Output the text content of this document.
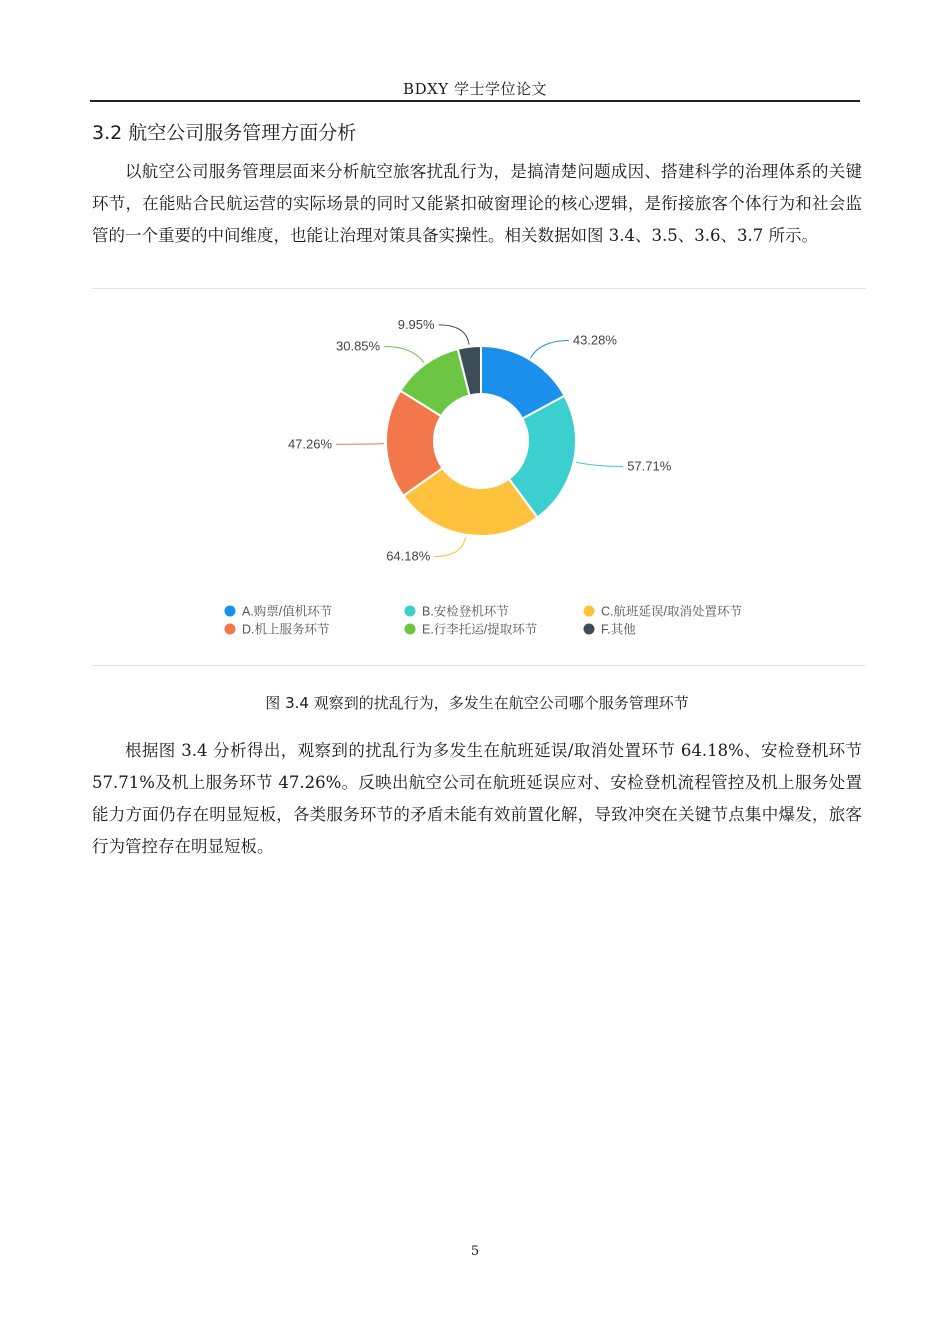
BDXY 学士学位论文
3.2 航空公司服务管理方面分析
以航空公司服务管理层面来分析航空旅客扰乱行为，是搞清楚问题成因、搭建科学的治理体系的关键环节，在能贴合民航运营的实际场景的同时又能紧扣破窗理论的核心逻辑，是衔接旅客个体行为和社会监管的一个重要的中间维度，也能让治理对策具备实操性。相关数据如图 3.4、3.5、3.6、3.7 所示。
43.28%
57.71%
64.18%
47.26%
30.85%
9.95%
A.购票/值机环节	B.安检登机环节	C.航班延误/取消处置环节
D.机上服务环节	E.行李托运/提取环节	F.其他
图 3.4 观察到的扰乱行为，多发生在航空公司哪个服务管理环节
根据图 3.4 分析得出，观察到的扰乱行为多发生在航班延误/取消处置环节 64.18%、安检登机环节 57.71%及机上服务环节 47.26%。反映出航空公司在航班延误应对、安检登机流程管控及机上服务处置能力方面仍存在明显短板，各类服务环节的矛盾未能有效前置化解，导致冲突在关键节点集中爆发，旅客行为管控存在明显短板。
5
